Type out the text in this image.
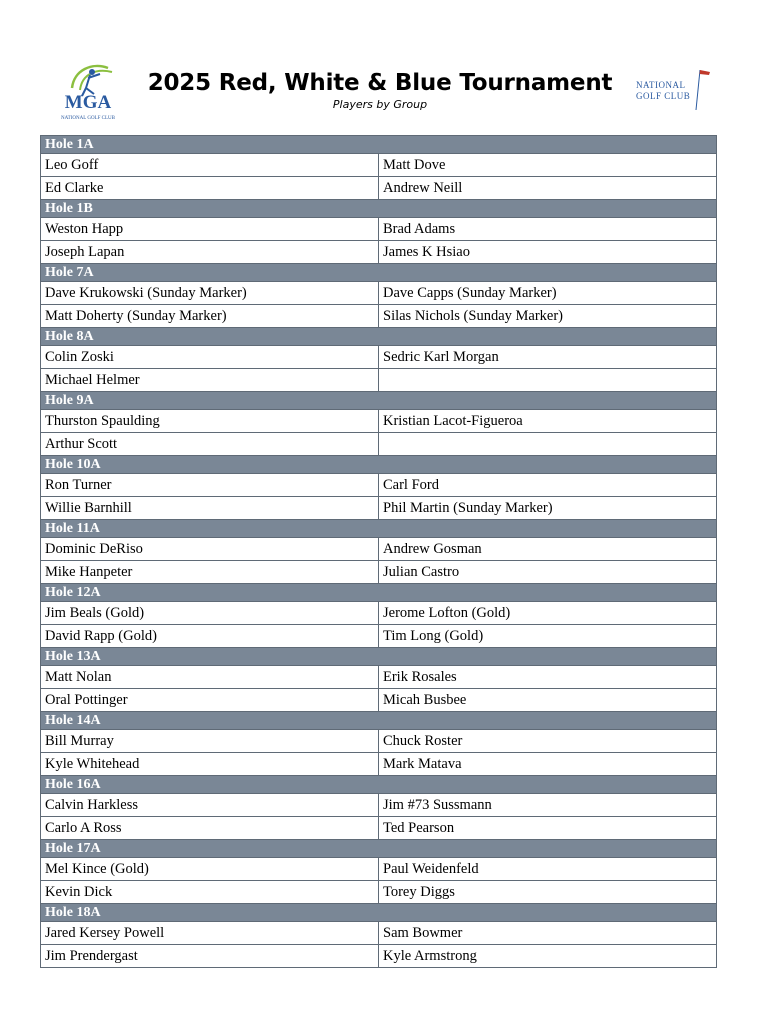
MGA
NATIONAL GOLF CLUB
2025 Red, White & Blue Tournament
Players by Group
NATIONAL
GOLF CLUB
Hole 1A	
Leo Goff	Matt Dove
Ed Clarke	Andrew Neill
Hole 1B	
Weston Happ	Brad Adams
Joseph Lapan	James K Hsiao
Hole 7A	
Dave Krukowski (Sunday Marker)	Dave Capps (Sunday Marker)
Matt Doherty (Sunday Marker)	Silas Nichols (Sunday Marker)
Hole 8A	
Colin Zoski	Sedric Karl Morgan
Michael Helmer	
Hole 9A	
Thurston Spaulding	Kristian Lacot-Figueroa
Arthur Scott	
Hole 10A	
Ron Turner	Carl Ford
Willie Barnhill	Phil Martin (Sunday Marker)
Hole 11A	
Dominic DeRiso	Andrew Gosman
Mike Hanpeter	Julian Castro
Hole 12A	
Jim Beals (Gold)	Jerome Lofton (Gold)
David Rapp (Gold)	Tim Long (Gold)
Hole 13A	
Matt Nolan	Erik Rosales
Oral Pottinger	Micah Busbee
Hole 14A	
Bill Murray	Chuck Roster
Kyle Whitehead	Mark Matava
Hole 16A	
Calvin Harkless	Jim #73 Sussmann
Carlo A Ross	Ted Pearson
Hole 17A	
Mel Kince (Gold)	Paul Weidenfeld
Kevin Dick	Torey Diggs
Hole 18A	
Jared Kersey Powell	Sam Bowmer
Jim Prendergast	Kyle Armstrong
